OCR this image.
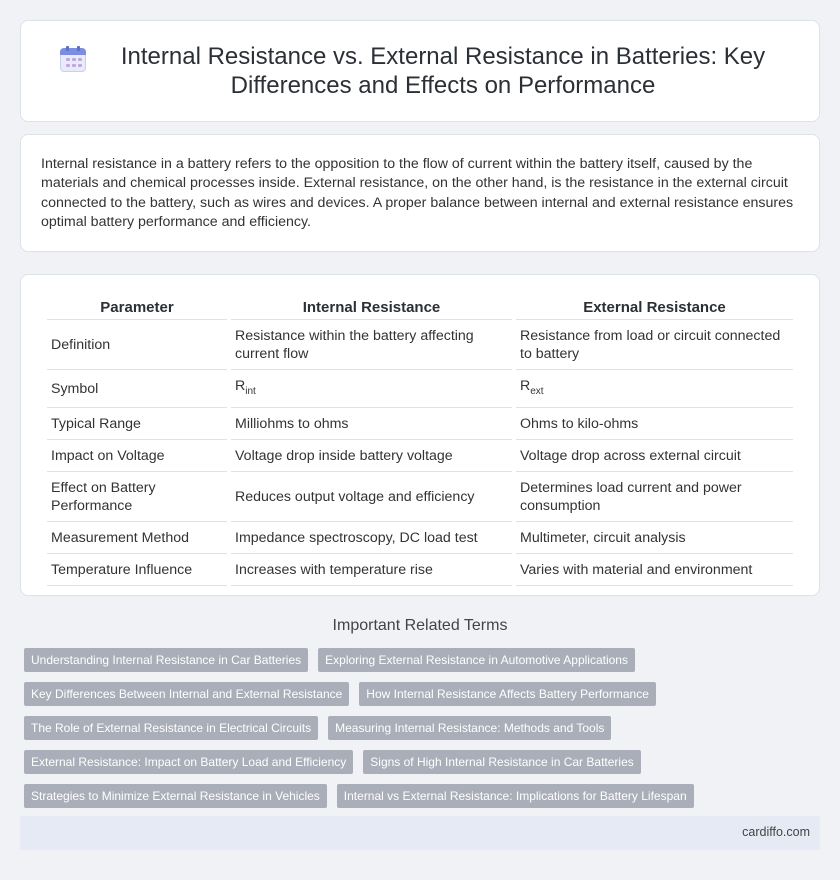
Internal Resistance vs. External Resistance in Batteries: Key Differences and Effects on Performance

Internal resistance in a battery refers to the opposition to the flow of current within the battery itself, caused by the materials and chemical processes inside. External resistance, on the other hand, is the resistance in the external circuit connected to the battery, such as wires and devices. A proper balance between internal and external resistance ensures optimal battery performance and efficiency.

Parameter	Internal Resistance	External Resistance
Definition	Resistance within the battery affecting current flow	Resistance from load or circuit connected to battery
Symbol	$R_{int}$	$R_{ext}$
Typical Range	Milliohms to ohms	Ohms to kilo-ohms
Impact on Voltage	Voltage drop inside battery voltage	Voltage drop across external circuit
Effect on Battery Performance	Reduces output voltage and efficiency	Determines load current and power consumption
Measurement Method	Impedance spectroscopy, DC load test	Multimeter, circuit analysis
Temperature Influence	Increases with temperature rise	Varies with material and environment
Important Related Terms
Understanding Internal Resistance in Car Batteries	Exploring External Resistance in Automotive Applications
Key Differences Between Internal and External Resistance	How Internal Resistance Affects Battery Performance
The Role of External Resistance in Electrical Circuits	Measuring Internal Resistance: Methods and Tools
External Resistance: Impact on Battery Load and Efficiency	Signs of High Internal Resistance in Car Batteries
Strategies to Minimize External Resistance in Vehicles	Internal vs External Resistance: Implications for Battery Lifespan
cardiffo.com
